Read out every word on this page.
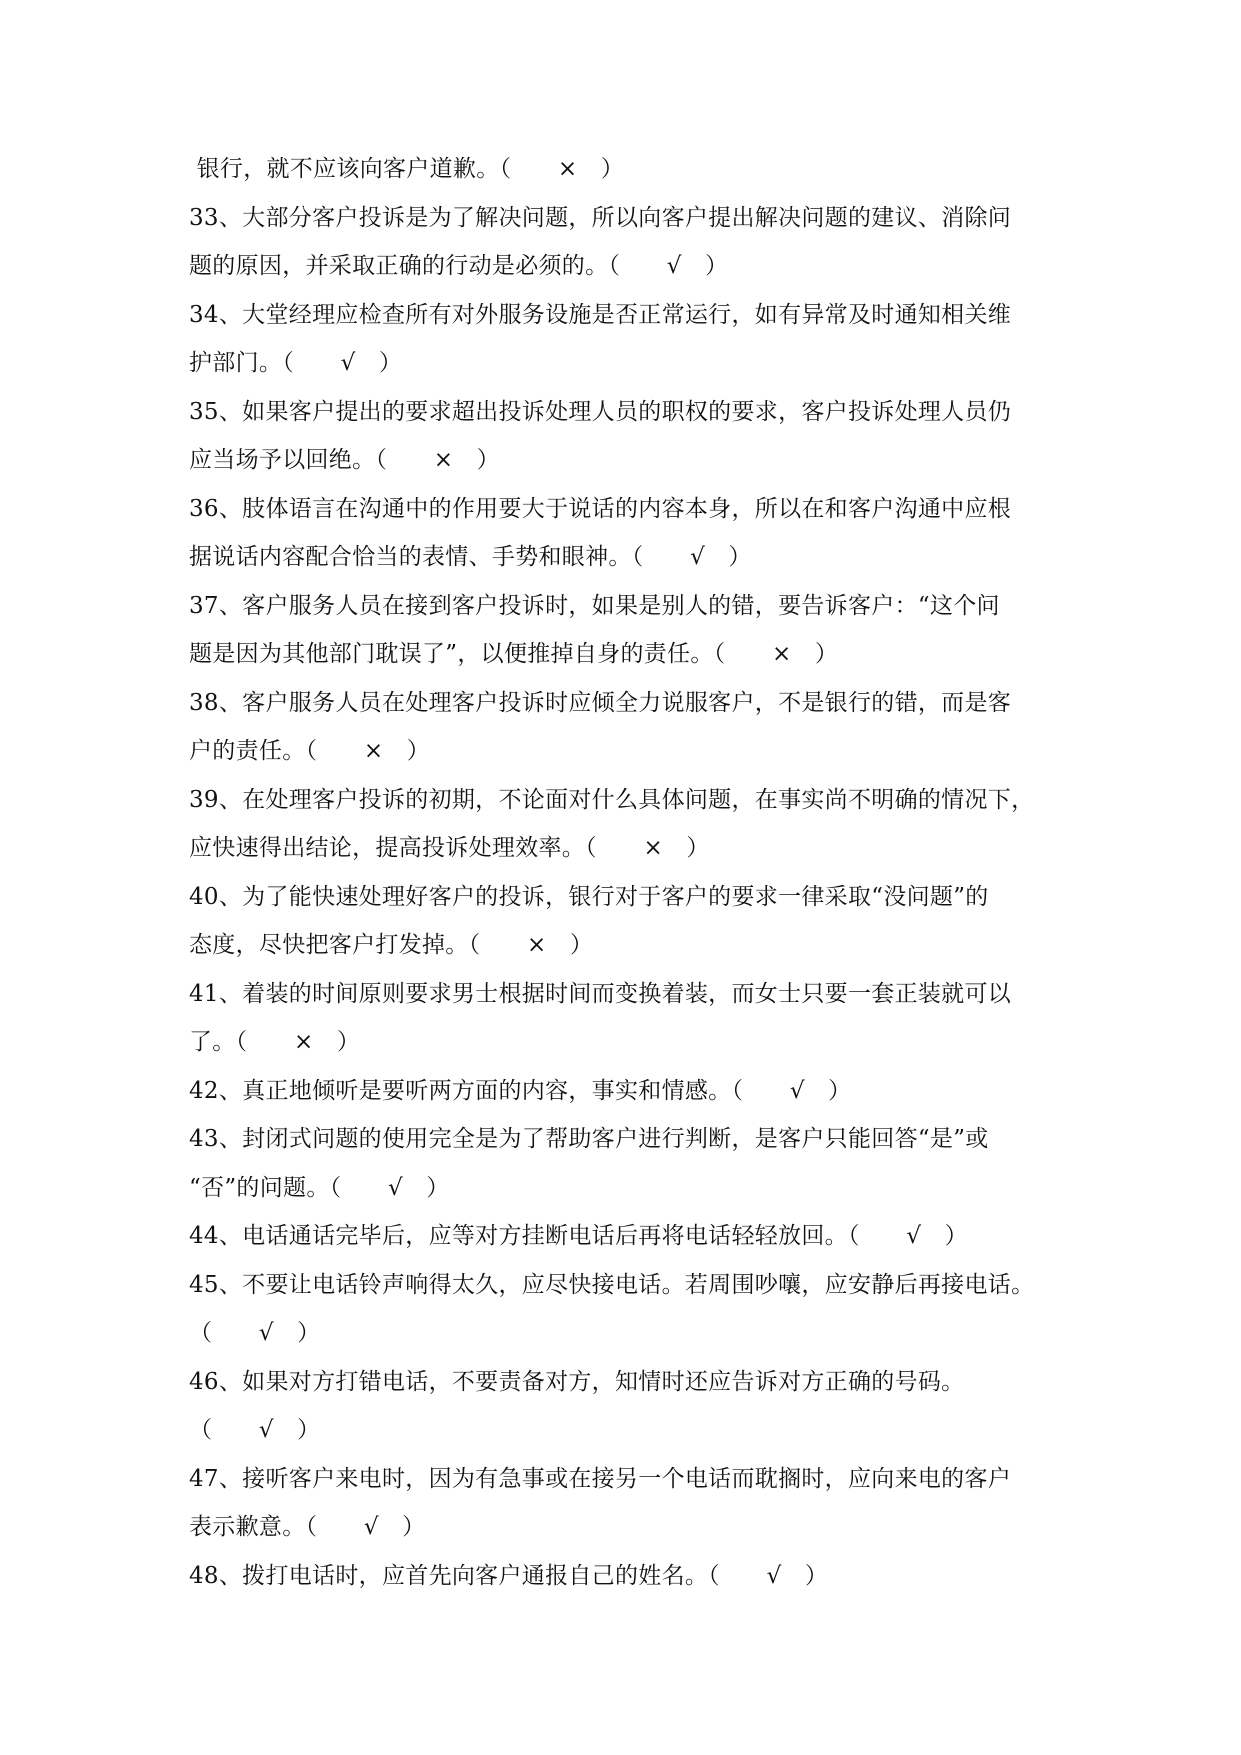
银行，就不应该向客户道歉。（　　×　）
33、大部分客户投诉是为了解决问题，所以向客户提出解决问题的建议、消除问
题的原因，并采取正确的行动是必须的。（　　√　）
34、大堂经理应检查所有对外服务设施是否正常运行，如有异常及时通知相关维
护部门。（　　√　）
35、如果客户提出的要求超出投诉处理人员的职权的要求，客户投诉处理人员仍
应当场予以回绝。（　　×　）
36、肢体语言在沟通中的作用要大于说话的内容本身，所以在和客户沟通中应根
据说话内容配合恰当的表情、手势和眼神。（　　√　）
37、客户服务人员在接到客户投诉时，如果是别人的错，要告诉客户：“这个问
题是因为其他部门耽误了”，以便推掉自身的责任。（　　×　）
38、客户服务人员在处理客户投诉时应倾全力说服客户，不是银行的错，而是客
户的责任。（　　×　）
39、在处理客户投诉的初期，不论面对什么具体问题，在事实尚不明确的情况下，
应快速得出结论，提高投诉处理效率。（　　×　）
40、为了能快速处理好客户的投诉，银行对于客户的要求一律采取“没问题”的
态度，尽快把客户打发掉。（　　×　）
41、着装的时间原则要求男士根据时间而变换着装，而女士只要一套正装就可以
了。（　　×　）
42、真正地倾听是要听两方面的内容，事实和情感。（　　√　）
43、封闭式问题的使用完全是为了帮助客户进行判断，是客户只能回答“是”或
“否”的问题。（　　√　）
44、电话通话完毕后，应等对方挂断电话后再将电话轻轻放回。（　　√　）
45、不要让电话铃声响得太久，应尽快接电话。若周围吵嚷，应安静后再接电话。
（　　√　）
46、如果对方打错电话，不要责备对方，知情时还应告诉对方正确的号码。
（　　√　）
47、接听客户来电时，因为有急事或在接另一个电话而耽搁时，应向来电的客户
表示歉意。（　　√　）
48、拨打电话时，应首先向客户通报自己的姓名。（　　√　）
